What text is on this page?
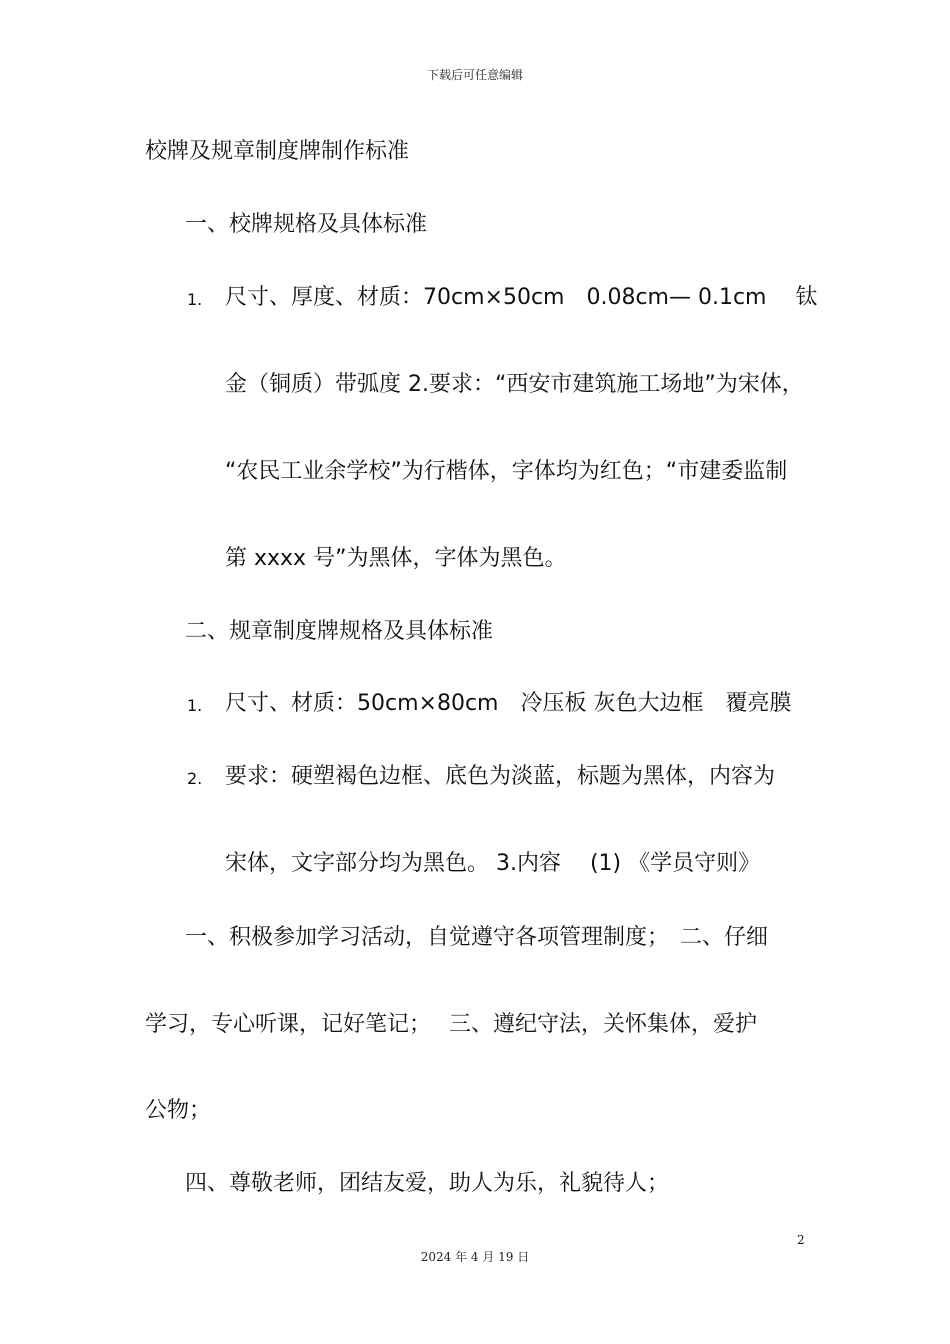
下载后可任意编辑
校牌及规章制度牌制作标准
一、校牌规格及具体标准
1. 尺寸、厚度、材质：70cm×50cm　0.08cm— 0.1cm　 钛
金（铜质）带弧度 2.要求：“西安市建筑施工场地”为宋体，
“农民工业余学校”为行楷体，字体均为红色；“市建委监制
第 xxxx 号”为黑体，字体为黑色。
二、规章制度牌规格及具体标准
1. 尺寸、材质：50cm×80cm　冷压板 灰色大边框　覆亮膜
2. 要求：硬塑褐色边框、底色为淡蓝，标题为黑体，内容为
宋体，文字部分均为黑色。 3.内容　 (1) 《学员守则》
一、积极参加学习活动，自觉遵守各项管理制度；　二、仔细
学习，专心听课，记好笔记；　 三、遵纪守法，关怀集体，爱护
公物；
四、尊敬老师，团结友爱，助人为乐，礼貌待人；
2
2024 年 4 月 19 日
